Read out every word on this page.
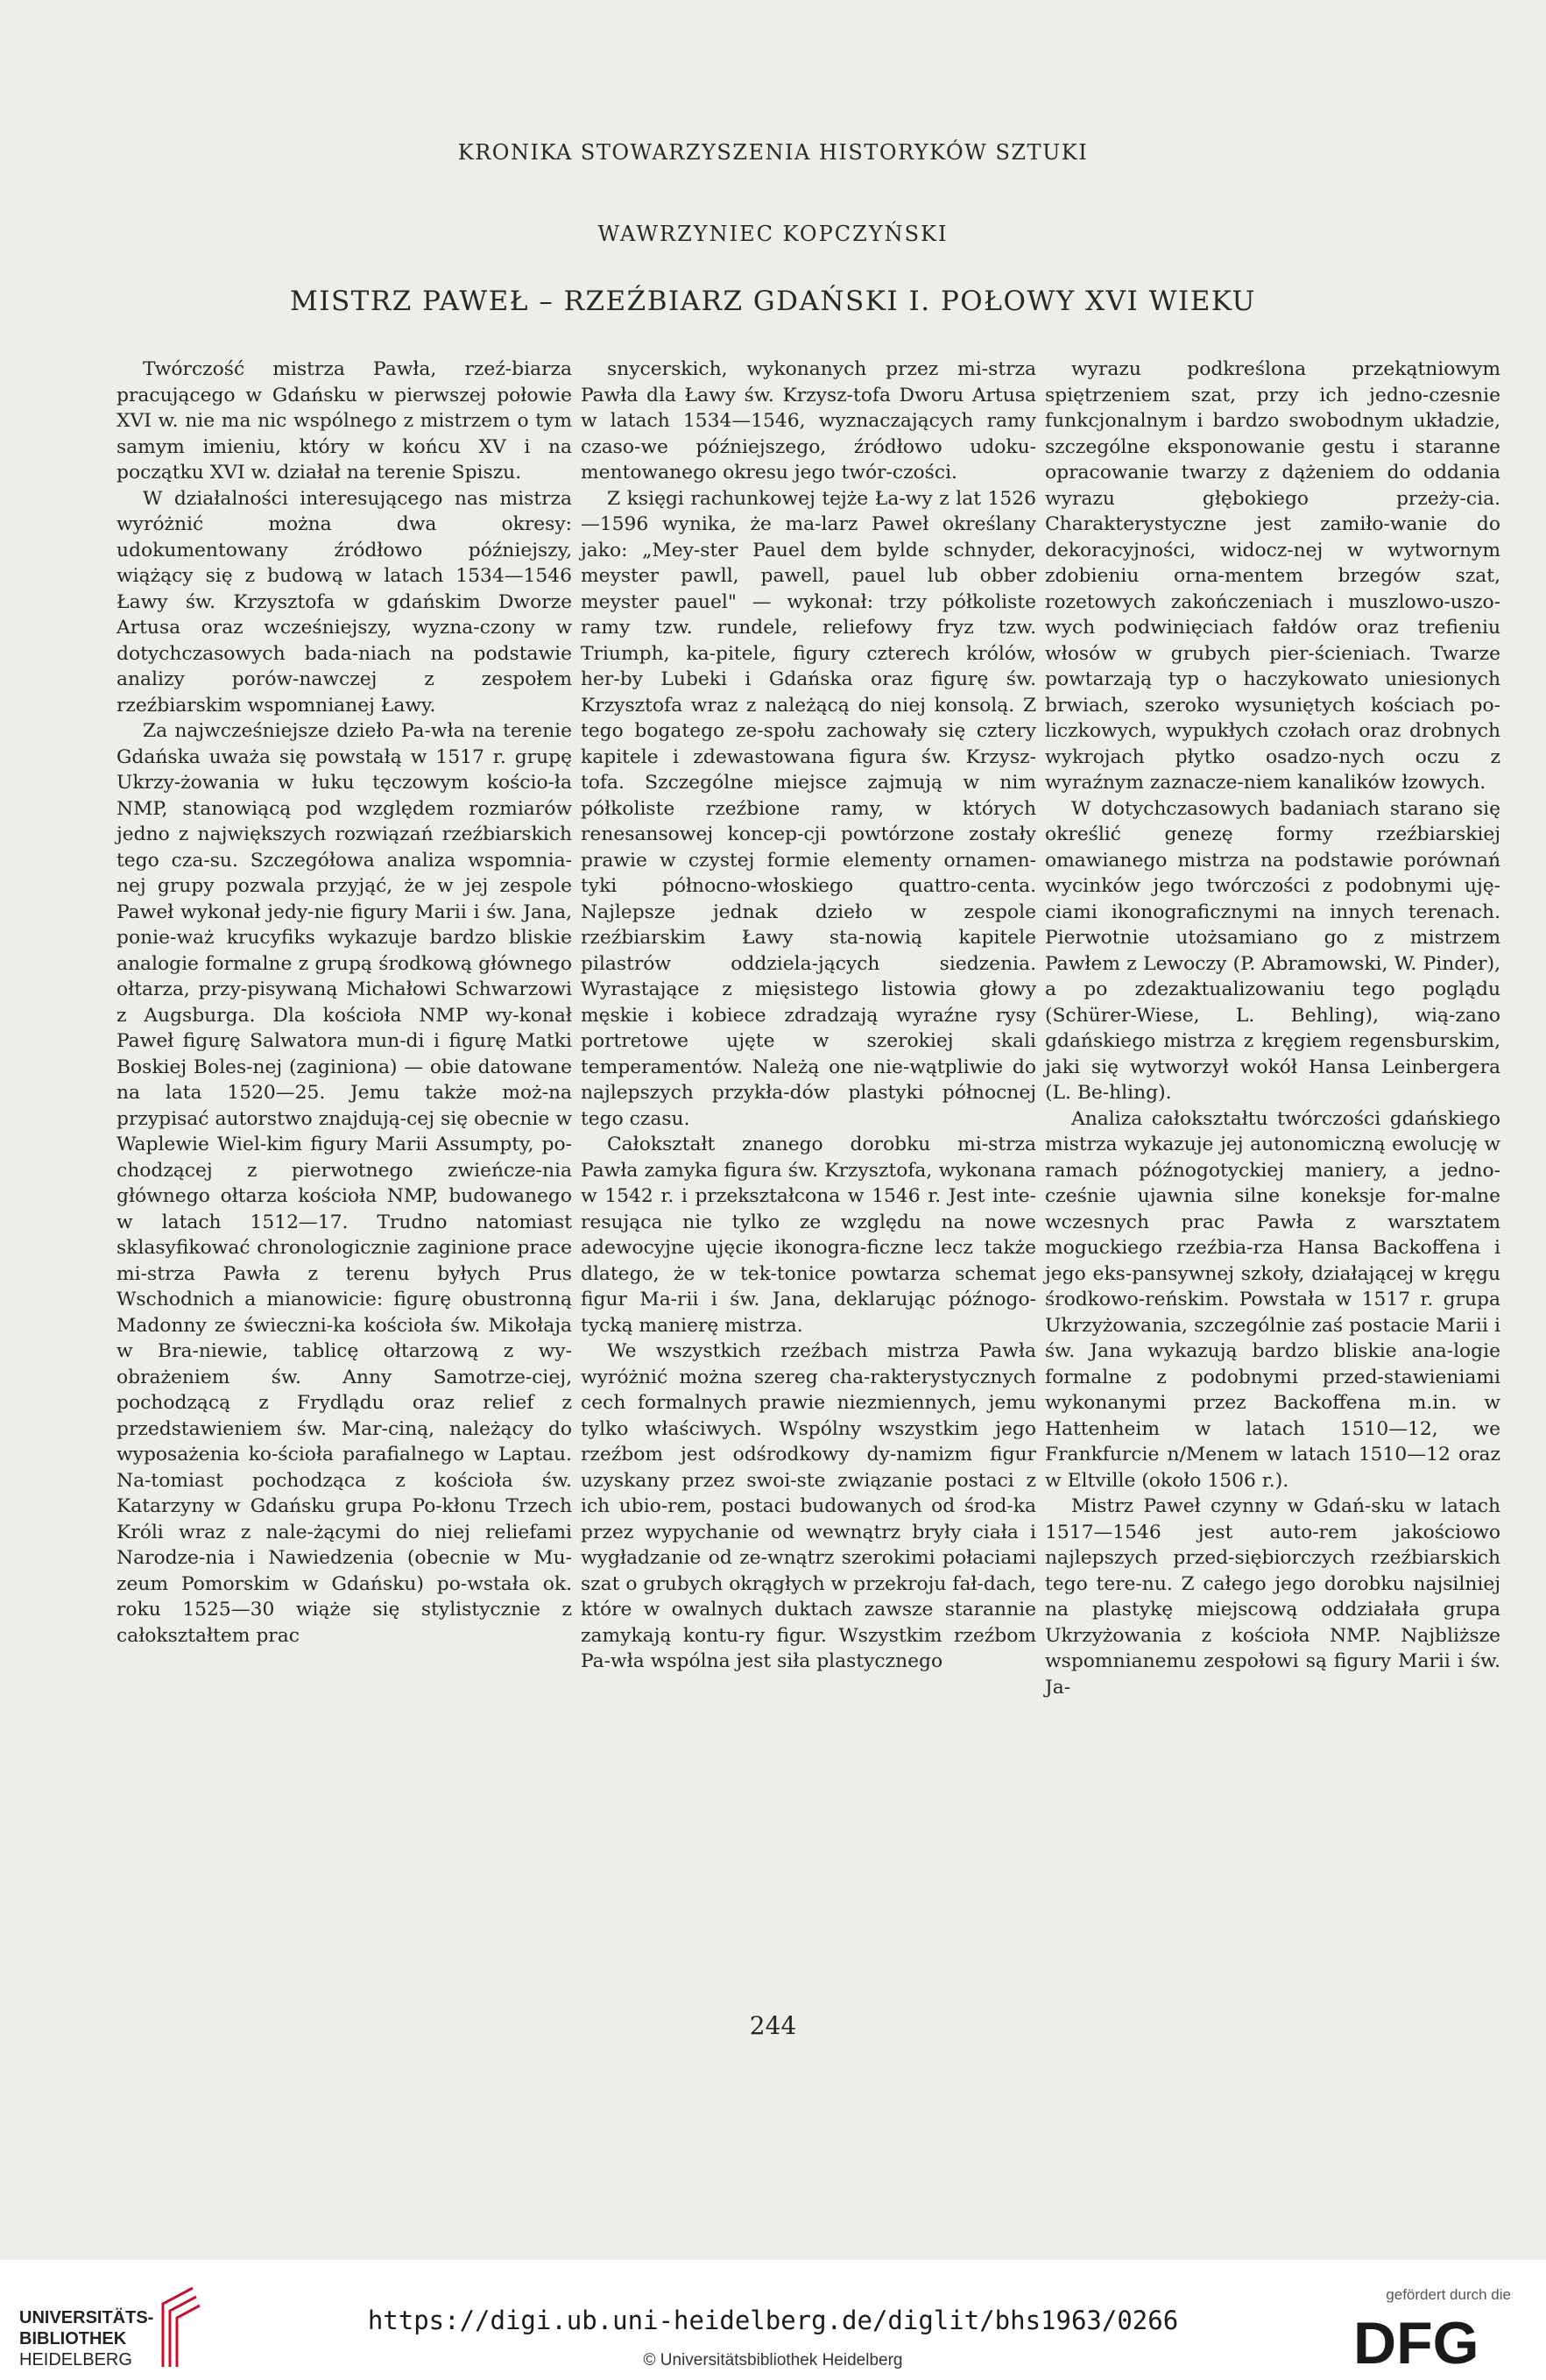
KRONIKA STOWARZYSZENIA HISTORYKÓW SZTUKI
WAWRZYNIEC KOPCZYŃSKI
MISTRZ PAWEŁ – RZEŹBIARZ GDAŃSKI I. POŁOWY XVI WIEKU

Twórczość mistrza Pawła, rzeź-biarza pracującego w Gdańsku w pierwszej połowie XVI w. nie ma nic wspólnego z mistrzem o tym samym imieniu, który w końcu XV i na początku XVI w. działał na terenie Spiszu.

W działalności interesującego nas mistrza wyróżnić można dwa okresy: udokumentowany źródłowo późniejszy, wiążący się z budową w latach 1534—1546 Ławy św. Krzysztofa w gdańskim Dworze Artusa oraz wcześniejszy, wyzna-czony w dotychczasowych bada-niach na podstawie analizy porów-nawczej z zespołem rzeźbiarskim wspomnianej Ławy.

Za najwcześniejsze dzieło Pa-wła na terenie Gdańska uważa się powstałą w 1517 r. grupę Ukrzy-żowania w łuku tęczowym kościo-ła NMP, stanowiącą pod względem rozmiarów jedno z największych rozwiązań rzeźbiarskich tego cza-su. Szczegółowa analiza wspomnia-nej grupy pozwala przyjąć, że w jej zespole Paweł wykonał jedy-nie figury Marii i św. Jana, ponie-waż krucyfiks wykazuje bardzo bliskie analogie formalne z grupą środkową głównego ołtarza, przy-pisywaną Michałowi Schwarzowi z Augsburga. Dla kościoła NMP wy-konał Paweł figurę Salwatora mun-di i figurę Matki Boskiej Boles-nej (zaginiona) — obie datowane na lata 1520—25. Jemu także moż-na przypisać autorstwo znajdują-cej się obecnie w Waplewie Wiel-kim figury Marii Assumpty, po-chodzącej z pierwotnego zwieńcze-nia głównego ołtarza kościoła NMP, budowanego w latach 1512—17. Trudno natomiast sklasyfikować chronologicznie zaginione prace mi-strza Pawła z terenu byłych Prus Wschodnich a mianowicie: figurę obustronną Madonny ze świeczni-ka kościoła św. Mikołaja w Bra-niewie, tablicę ołtarzową z wy-obrażeniem św. Anny Samotrze-ciej, pochodzącą z Frydlądu oraz relief z przedstawieniem św. Mar-ciną, należący do wyposażenia ko-ścioła parafialnego w Laptau. Na-tomiast pochodząca z kościoła św. Katarzyny w Gdańsku grupa Po-kłonu Trzech Króli wraz z nale-żącymi do niej reliefami Narodze-nia i Nawiedzenia (obecnie w Mu-zeum Pomorskim w Gdańsku) po-wstała ok. roku 1525—30 wiąże się stylistycznie z całokształtem prac

snycerskich, wykonanych przez mi-strza Pawła dla Ławy św. Krzysz-tofa Dworu Artusa w latach 1534—1546, wyznaczających ramy czaso-we późniejszego, źródłowo udoku-mentowanego okresu jego twór-czości.

Z księgi rachunkowej tejże Ła-wy z lat 1526—1596 wynika, że ma-larz Paweł określany jako: „Mey-ster Pauel dem bylde schnyder, meyster pawll, pawell, pauel lub obber meyster pauel" — wykonał: trzy półkoliste ramy tzw. rundele, reliefowy fryz tzw. Triumph, ka-pitele, figury czterech królów, her-by Lubeki i Gdańska oraz figurę św. Krzysztofa wraz z należącą do niej konsolą. Z tego bogatego ze-społu zachowały się cztery kapitele i zdewastowana figura św. Krzysz-tofa. Szczególne miejsce zajmują w nim półkoliste rzeźbione ramy, w których renesansowej koncep-cji powtórzone zostały prawie w czystej formie elementy ornamen-tyki północno-włoskiego quattro-centa. Najlepsze jednak dzieło w zespole rzeźbiarskim Ławy sta-nowią kapitele pilastrów oddziela-jących siedzenia. Wyrastające z mięsistego listowia głowy męskie i kobiece zdradzają wyraźne rysy portretowe ujęte w szerokiej skali temperamentów. Należą one nie-wątpliwie do najlepszych przykła-dów plastyki północnej tego czasu.

Całokształt znanego dorobku mi-strza Pawła zamyka figura św. Krzysztofa, wykonana w 1542 r. i przekształcona w 1546 r. Jest inte-resująca nie tylko ze względu na nowe adewocyjne ujęcie ikonogra-ficzne lecz także dlatego, że w tek-tonice powtarza schemat figur Ma-rii i św. Jana, deklarując późnogo-tycką manierę mistrza.

We wszystkich rzeźbach mistrza Pawła wyróżnić można szereg cha-rakterystycznych cech formalnych prawie niezmiennych, jemu tylko właściwych. Wspólny wszystkim jego rzeźbom jest odśrodkowy dy-namizm figur uzyskany przez swoi-ste związanie postaci z ich ubio-rem, postaci budowanych od środ-ka przez wypychanie od wewnątrz bryły ciała i wygładzanie od ze-wnątrz szerokimi połaciami szat o grubych okrągłych w przekroju fał-dach, które w owalnych duktach zawsze starannie zamykają kontu-ry figur. Wszystkim rzeźbom Pa-wła wspólna jest siła plastycznego

wyrazu podkreślona przekątniowym spiętrzeniem szat, przy ich jedno-czesnie funkcjonalnym i bardzo swobodnym układzie, szczególne eksponowanie gestu i staranne opracowanie twarzy z dążeniem do oddania wyrazu głębokiego przeży-cia. Charakterystyczne jest zamiło-wanie do dekoracyjności, widocz-nej w wytwornym zdobieniu orna-mentem brzegów szat, rozetowych zakończeniach i muszlowo-uszo-wych podwinięciach fałdów oraz trefieniu włosów w grubych pier-ścieniach. Twarze powtarzają typ o haczykowato uniesionych brwiach, szeroko wysuniętych kościach po-liczkowych, wypukłych czołach oraz drobnych wykrojach płytko osadzo-nych oczu z wyraźnym zaznacze-niem kanalików łzowych.

W dotychczasowych badaniach starano się określić genezę formy rzeźbiarskiej omawianego mistrza na podstawie porównań wycinków jego twórczości z podobnymi uję-ciami ikonograficznymi na innych terenach. Pierwotnie utożsamiano go z mistrzem Pawłem z Lewoczy (P. Abramowski, W. Pinder), a po zdezaktualizowaniu tego poglądu (Schürer-Wiese, L. Behling), wią-zano gdańskiego mistrza z kręgiem regensburskim, jaki się wytworzył wokół Hansa Leinbergera (L. Be-hling).

Analiza całokształtu twórczości gdańskiego mistrza wykazuje jej autonomiczną ewolucję w ramach późnogotyckiej maniery, a jedno-cześnie ujawnia silne koneksje for-malne wczesnych prac Pawła z warsztatem moguckiego rzeźbia-rza Hansa Backoffena i jego eks-pansywnej szkoły, działającej w kręgu środkowo-reńskim. Powstała w 1517 r. grupa Ukrzyżowania, szczególnie zaś postacie Marii i św. Jana wykazują bardzo bliskie ana-logie formalne z podobnymi przed-stawieniami wykonanymi przez Backoffena m.in. w Hattenheim w latach 1510—12, we Frankfurcie n/Menem w latach 1510—12 oraz w Eltville (około 1506 r.).

Mistrz Paweł czynny w Gdań-sku w latach 1517—1546 jest auto-rem jakościowo najlepszych przed-siębiorczych rzeźbiarskich tego tere-nu. Z całego jego dorobku najsilniej na plastykę miejscową oddziałała grupa Ukrzyżowania z kościoła NMP. Najbliższe wspomnianemu zespołowi są figury Marii i św. Ja-

244
UNIVERSITÄTS-
BIBLIOTHEK
HEIDELBERG
https://digi.ub.uni-heidelberg.de/diglit/bhs1963/0266
© Universitätsbibliothek Heidelberg
gefördert durch die
DFG
